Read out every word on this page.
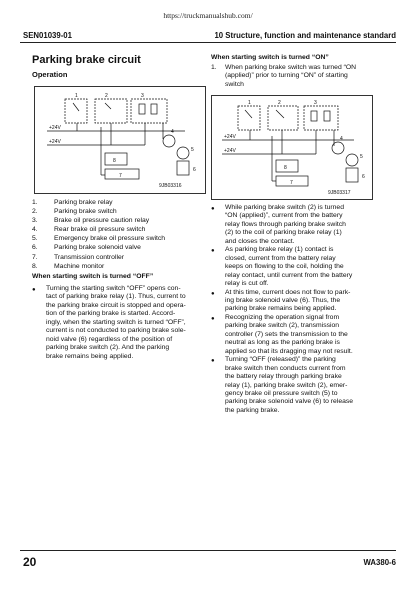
https://truckmanualshub.com/
SEN01039-01	10 Structure, function and maintenance standard
Parking brake circuit
Operation
1	2	3
4
5
6
8
7
+24V
+24V
9JB03316
1.	Parking brake relay
2.	Parking brake switch
3.	Brake oil pressure caution relay
4.	Rear brake oil pressure switch
5.	Emergency brake oil pressure switch
6.	Parking brake solenoid valve
7.	Transmission controller
8.	Machine monitor
When starting switch is turned “OFF”
●	Turning the starting switch “OFF” opens con-
tact of parking brake relay (1). Thus, current to
the parking brake circuit is stopped and opera-
tion of the parking brake is started. Accord-
ingly, when the starting switch is turned “OFF”,
current is not conducted to parking brake sole-
noid valve (6) regardless of the position of
parking brake switch (2). And the parking
brake remains being applied.
When starting switch is turned “ON”
1.	When parking brake switch was turned “ON
(applied)” prior to turning “ON” of starting
switch
1	2	3
4
5
6
8
7
+24V
+24V
9JB03317
●	While parking brake switch (2) is turned
“ON (applied)”, current from the battery
relay flows through parking brake switch
(2) to the coil of parking brake relay (1)
and closes the contact.
●	As parking brake relay (1) contact is
closed, current from the battery relay
keeps on flowing to the coil, holding the
relay contact, until current from the battery
relay is cut off.
●	At this time, current does not flow to park-
ing brake solenoid valve (6). Thus, the
parking brake remains being applied.
●	Recognizing the operation signal from
parking brake switch (2), transmission
controller (7) sets the transmission to the
neutral as long as the parking brake is
applied so that its dragging may not result.
●	Turning “OFF (released)” the parking
brake switch then conducts current from
the battery relay through parking brake
relay (1), parking brake switch (2), emer-
gency brake oil pressure switch (5) to
parking brake solenoid valve (6) to release
the parking brake.
20	WA380-6
